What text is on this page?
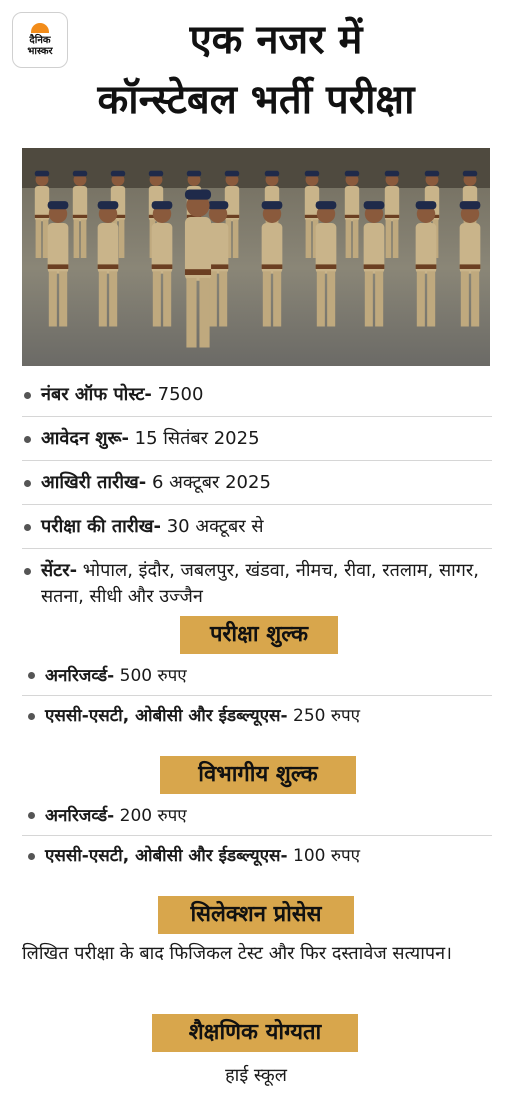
दैनिक
भास्कर	एक नजर में
कॉन्स्टेबल भर्ती परीक्षा
नंबर ऑफ पोस्ट- 7500
आवेदन शुरू- 15 सितंबर 2025
आखिरी तारीख- 6 अक्टूबर 2025
परीक्षा की तारीख- 30 अक्टूबर से
सेंटर- भोपाल, इंदौर, जबलपुर, खंडवा, नीमच, रीवा, रतलाम, सागर, सतना, सीधी और उज्जैन
परीक्षा शुल्क
अनरिजर्व्ड- 500 रुपए
एससी-एसटी, ओबीसी और ईडब्ल्यूएस- 250 रुपए
विभागीय शुल्क
अनरिजर्व्ड- 200 रुपए
एससी-एसटी, ओबीसी और ईडब्ल्यूएस- 100 रुपए
सिलेक्शन प्रोसेस
लिखित परीक्षा के बाद फिजिकल टेस्ट और फिर दस्तावेज सत्यापन।
शैक्षणिक योग्यता
हाई स्कूल
